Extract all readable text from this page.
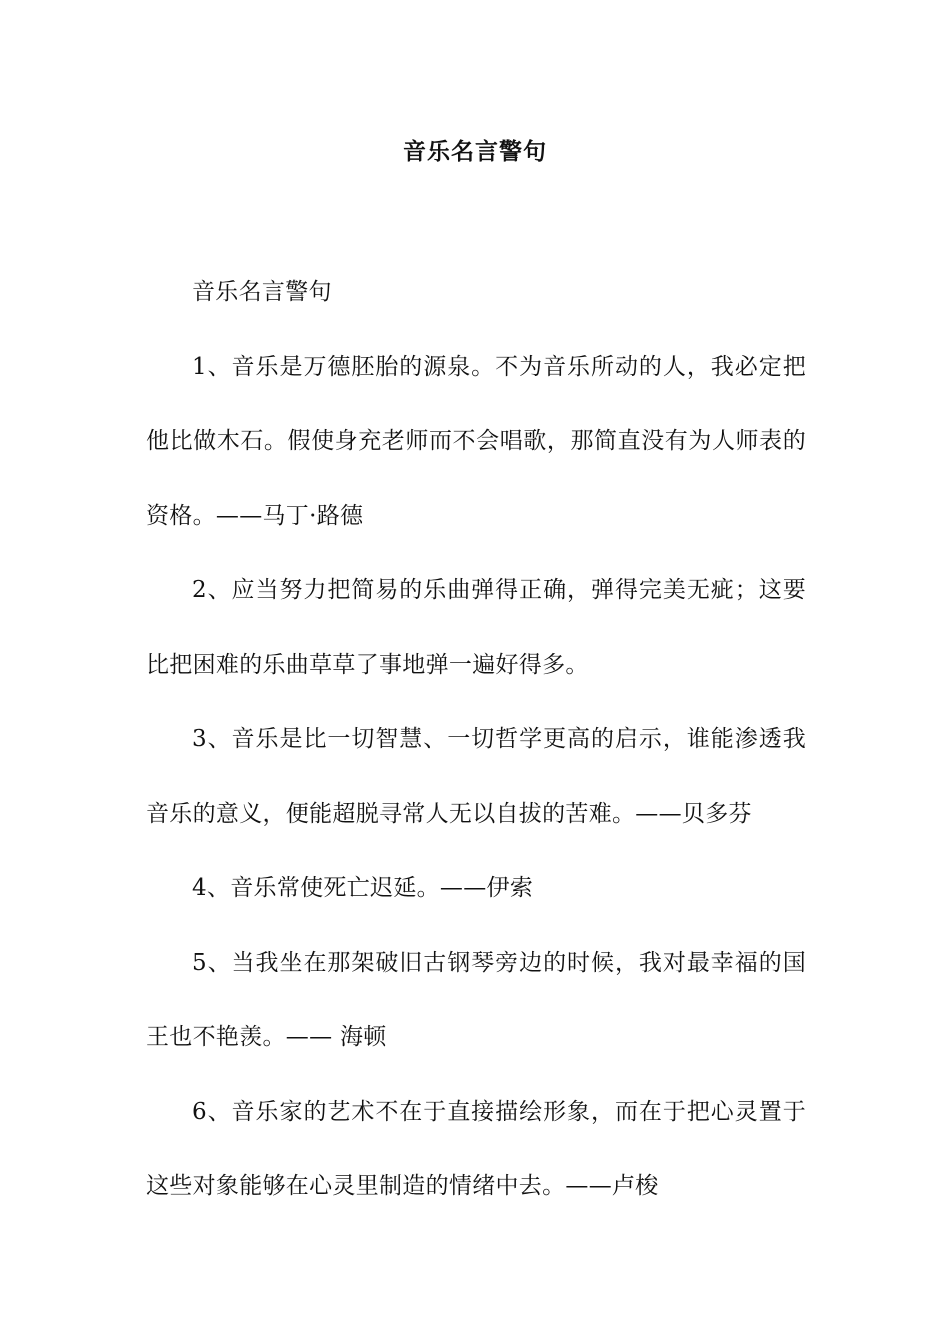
音乐名言警句

音乐名言警句

1、音乐是万德胚胎的源泉。不为音乐所动的人，我必定把他比做木石。假使身充老师而不会唱歌，那简直没有为人师表的资格。——马丁·路德

2、应当努力把简易的乐曲弹得正确，弹得完美无疵；这要比把困难的乐曲草草了事地弹一遍好得多。

3、音乐是比一切智慧、一切哲学更高的启示，谁能渗透我音乐的意义，便能超脱寻常人无以自拔的苦难。——贝多芬

4、音乐常使死亡迟延。——伊索

5、当我坐在那架破旧古钢琴旁边的时候，我对最幸福的国王也不艳羡。—— 海顿

6、音乐家的艺术不在于直接描绘形象，而在于把心灵置于这些对象能够在心灵里制造的情绪中去。——卢梭
